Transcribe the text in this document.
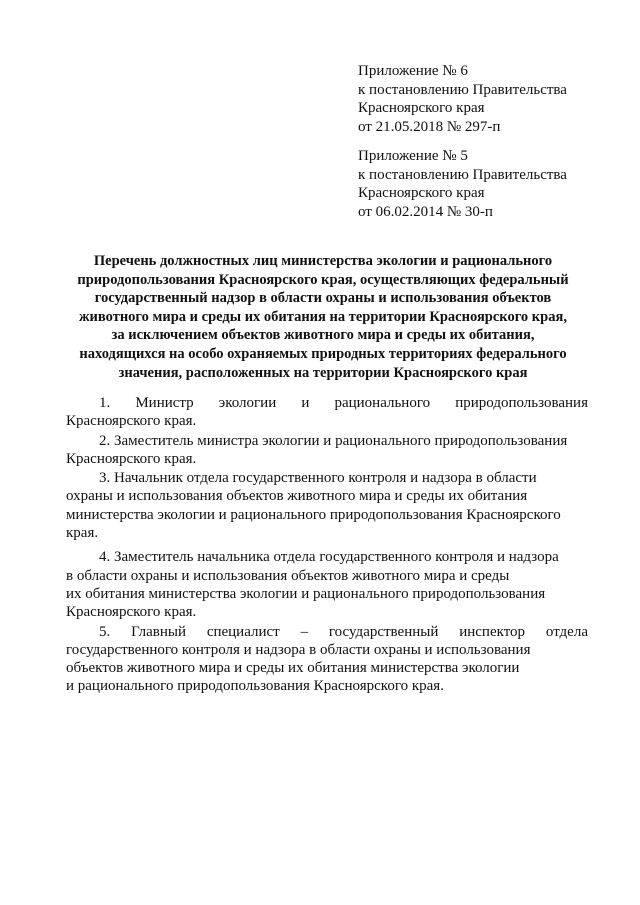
Приложение № 6
к постановлению Правительства
Красноярского края
от 21.05.2018 № 297-п
Приложение № 5
к постановлению Правительства
Красноярского края
от 06.02.2014 № 30-п
Перечень должностных лиц министерства экологии и рационального
природопользования Красноярского края, осуществляющих федеральный
государственный надзор в области охраны и использования объектов
животного мира и среды их обитания на территории Красноярского края,
за исключением объектов животного мира и среды их обитания,
находящихся на особо охраняемых природных территориях федерального
значения, расположенных на территории Красноярского края
1. Министр экологии и рационального природопользования
Красноярского края.
2. Заместитель министра экологии и рационального природопользования
Красноярского края.
3. Начальник отдела государственного контроля и надзора в области
охраны и использования объектов животного мира и среды их обитания
министерства экологии и рационального природопользования Красноярского
края.
4. Заместитель начальника отдела государственного контроля и надзора
в области охраны и использования объектов животного мира и среды
их обитания министерства экологии и рационального природопользования
Красноярского края.
5. Главный специалист – государственный инспектор отдела
государственного контроля и надзора в области охраны и использования
объектов животного мира и среды их обитания министерства экологии
и рационального природопользования Красноярского края.
